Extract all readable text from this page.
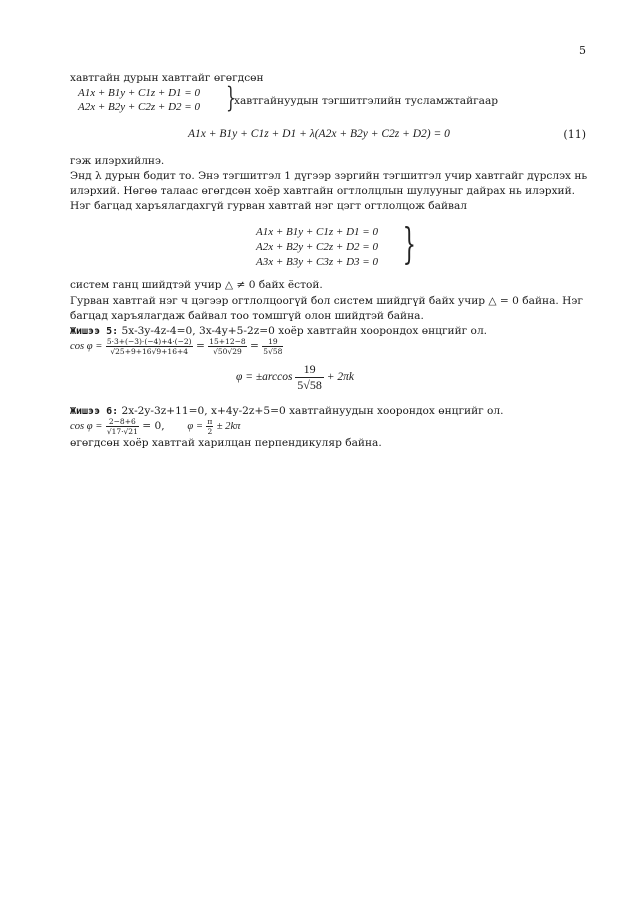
5
хавтгайн дурын хавтгайг өгөгдсөн
A1x + B1y + C1z + D1 = 0
A2x + B2y + C2z + D2 = 0 }
хавтгайнуудын тэгшитгэлийн тусламжтайгаар
A1x + B1y + C1z + D1 + λ(A2x + B2y + C2z + D2) = 0	(11)
гэж илэрхийлнэ.
Энд λ дурын бодит то. Энэ тэгшитгэл 1 дүгээр зэргийн тэгшитгэл учир хавтгайг дүрслэх нь
илэрхий. Нөгөө талаас өгөгдсөн хоёр хавтгайн огтлолцлын шулууныг дайрах нь илэрхий.
Нэг багцад харъялагдахгүй гурван хавтгай нэг цэгт огтлолцож байвал
A1x + B1y + C1z + D1 = 0
A2x + B2y + C2z + D2 = 0
A3x + B3y + C3z + D3 = 0 }
систем ганц шийдтэй учир △ ≠ 0 байх ёстой.
Гурван хавтгай нэг ч цэгээр огтлолцоогүй бол систем шийдгүй байх учир △ = 0 байна. Нэг
багцад харъялагдаж байвал тоо томшгүй олон шийдтэй байна.
Жишээ 5: 5x-3y-4z-4=0, 3x-4y+5-2z=0 хоёр хавтгайн хоорондох өнцгийг ол.
$\cos \varphi = \frac{5\cdot 3+(-3)\cdot(-4)+4\cdot(-2)}{√25+9+16√9+16+4} = \frac{15+12-8}{√50√29} = \frac{19}{5√58}$
$\varphi = \pm\arccos \frac{19}{5√58} + 2\pi k$
Жишээ 6: 2x-2y-3z+11=0, x+4y-2z+5=0 хавтгайнуудын хоорондох өнцгийг ол.
$\cos \varphi = \frac{2-8+6}{√17\cdot√21} = 0$, $\varphi = \frac{\pi}{2} \pm 2k\pi$
өгөгдсөн хоёр хавтгай харилцан перпендикуляр байна.
